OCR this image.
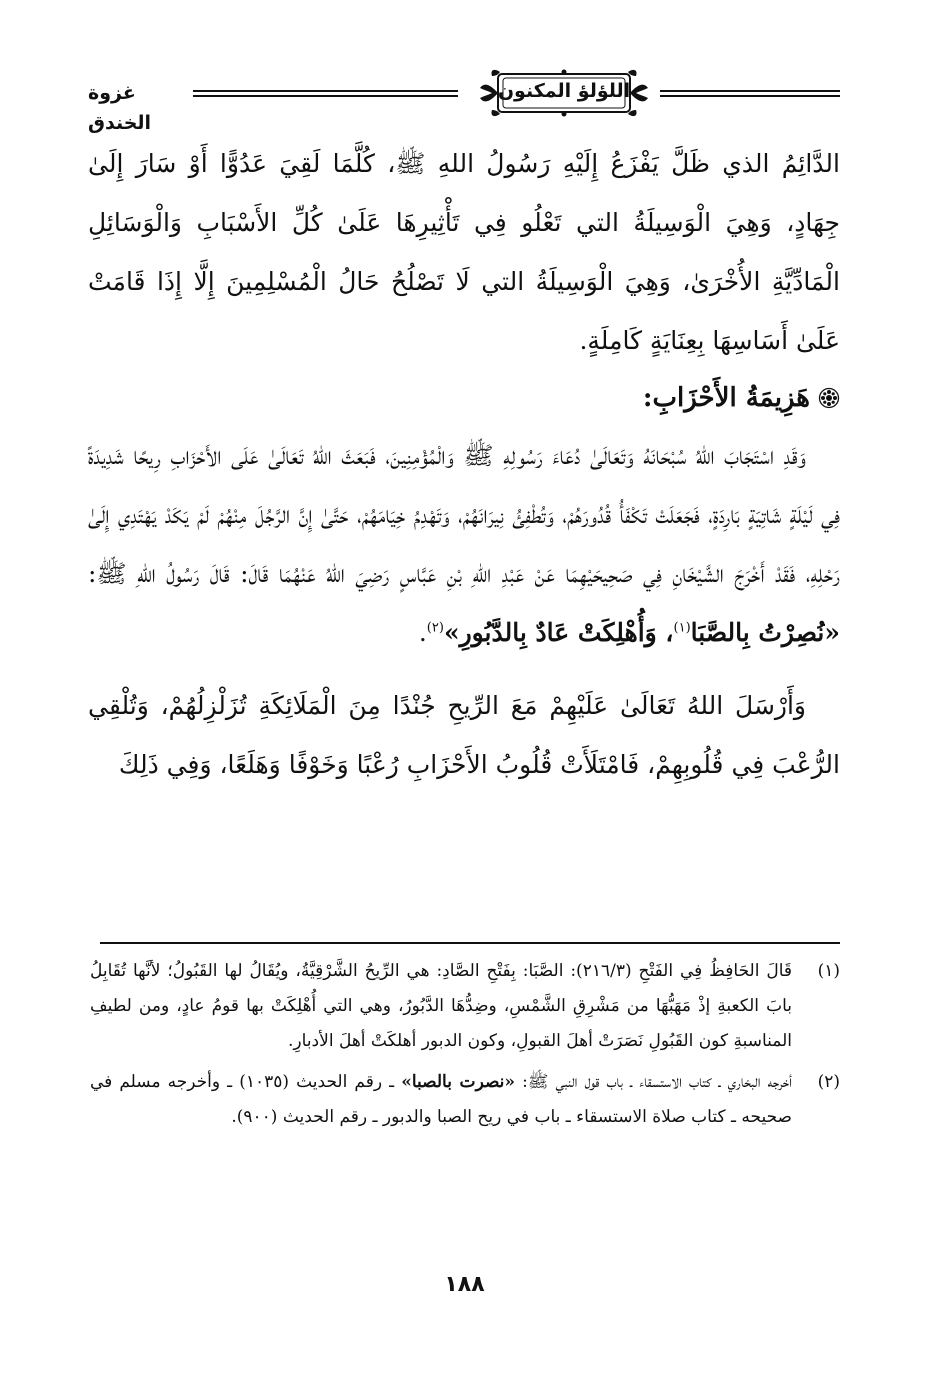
اللؤلؤ المكنون
غزوة الخندق

الدَّائِمُ الذي ظَلَّ يَفْزَعُ إِلَيْهِ رَسُولُ اللهِ ﷺ، كُلَّمَا لَقِيَ عَدُوًّا أَوْ سَارَ إِلَىٰ جِهَادٍ، وَهِيَ الْوَسِيلَةُ التي تَعْلُو فِي تَأْثِيرِهَا عَلَىٰ كُلِّ الأَسْبَابِ وَالْوَسَائِلِ الْمَادِّيَّةِ الأُخْرَىٰ، وَهِيَ الْوَسِيلَةُ التي لَا تَصْلُحُ حَالُ الْمُسْلِمِينَ إِلَّا إِذَا قَامَتْ عَلَىٰ أَسَاسِهَا بِعِنَايَةٍ كَامِلَةٍ.

هَزِيمَةُ الأَحْزَابِ:

وَقَدِ اسْتَجَابَ اللهُ سُبْحَانَهُ وَتَعَالَىٰ دُعَاءَ رَسُولِهِ ﷺ وَالْمُؤْمِنِينَ، فَبَعَثَ اللهُ تَعَالَىٰ عَلَى الأَحْزَابِ رِيحًا شَدِيدَةً فِي لَيْلَةٍ شَاتِيَةٍ بَارِدَةٍ، فَجَعَلَتْ تَكْفَأُ قُدُورَهُمْ، وَتُطْفِئُ نِيرَانَهُمْ، وَتَهْدِمُ خِيَامَهُمْ، حَتَّىٰ إِنَّ الرَّجُلَ مِنْهُمْ لَمْ يَكَدْ يَهْتَدِي إِلَىٰ رَحْلِهِ، فَقَدْ أَخْرَجَ الشَّيْخَانِ فِي صَحِيحَيْهِمَا عَنْ عَبْدِ اللهِ بْنِ عَبَّاسٍ رَضِيَ اللهُ عَنْهُمَا قَالَ: قَالَ رَسُولُ اللهِ ﷺ: «نُصِرْتُ بِالصَّبَا$^{(١)}$، وَأُهْلِكَتْ عَادٌ بِالدَّبُورِ»$^{(٢)}$.

وَأَرْسَلَ اللهُ تَعَالَىٰ عَلَيْهِمْ مَعَ الرِّيحِ جُنْدًا مِنَ الْمَلَائِكَةِ تُزَلْزِلُهُمْ، وَتُلْقِي الرُّعْبَ فِي قُلُوبِهِمْ، فَامْتَلَأَتْ قُلُوبُ الأَحْزَابِ رُعْبًا وَخَوْفًا وَهَلَعًا، وَفِي ذَلِكَ

(١)
قَالَ الحَافِظُ فِي الفَتْحِ (٢١٦/٣): الصَّبَا: بِفَتْحِ الصَّادِ: هي الرِّيحُ الشَّرْقِيَّةُ، ويُقَالُ لها القَبُولُ؛ لأنَّها تُقَابِلُ بابَ الكعبةِ إذْ مَهَبُّهَا من مَشْرِقِ الشَّمْسِ، وضِدُّهَا الدَّبُورُ، وهي التي أُهْلِكَتْ بها قومُ عادٍ، ومن لطيفِ المناسبةِ كون القَبُولِ نَصَرَتْ أهلَ القبولِ، وكون الدبور أهلكَتْ أهلَ الأدبارِ.
(٢)
أخرجه البخاري ـ كتاب الاستسقاء ـ باب قول النبي ﷺ: «نصرت بالصبا» ـ رقم الحديث (١٠٣٥) ـ وأخرجه مسلم في صحيحه ـ كتاب صلاة الاستسقاء ـ باب في ريح الصبا والدبور ـ رقم الحديث (٩٠٠).
١٨٨
